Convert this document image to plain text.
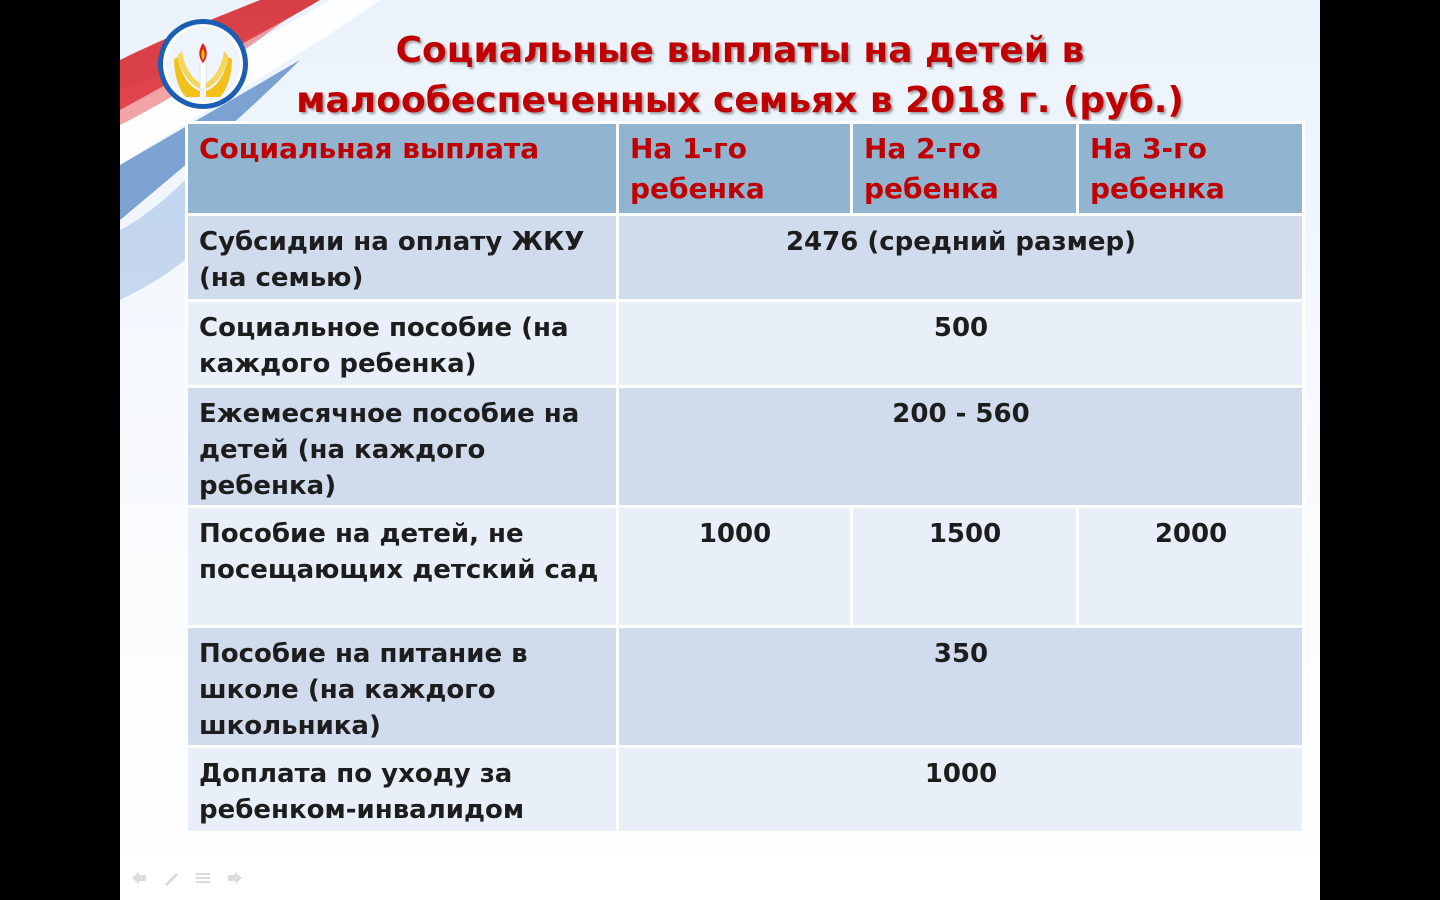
Социальные выплаты на детей в
малообеспеченных семьях в 2018 г. (руб.)
Социальная выплата	На 1-го ребенка	На 2-го ребенка	На 3-го ребенка
Субсидии на оплату ЖКУ (на семью)	2476 (средний размер)		
Социальное пособие (на каждого ребенка)	500		
Ежемесячное пособие на детей (на каждого ребенка)	200 - 560		
Пособие на детей, не посещающих детский сад	1000	1500	2000
Пособие на питание в школе (на каждого школьника)	350		
Доплата по уходу за ребенком-инвалидом	1000		
